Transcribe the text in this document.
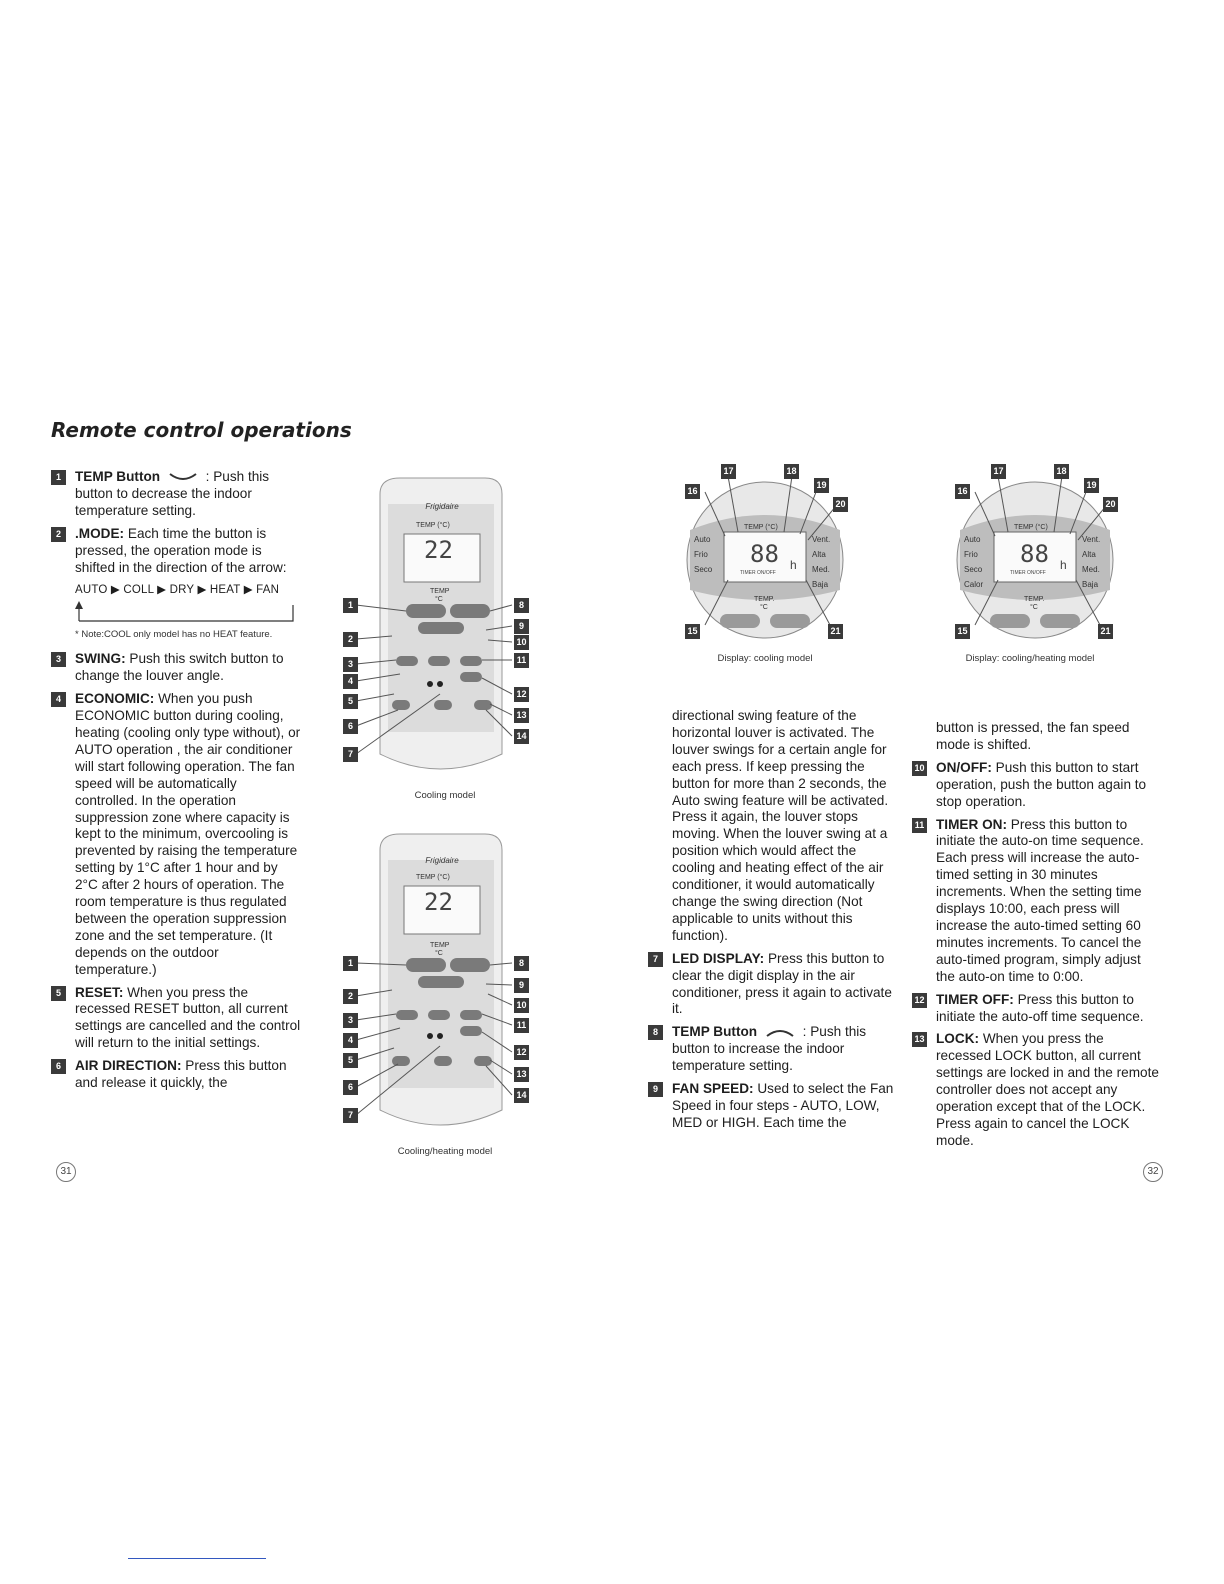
Remote control operations
1	TEMP Button	: Push this button to decrease the indoor temperature setting.
2	.MODE: Each time the button is pressed, the operation mode is shifted in the direction of the arrow:
AUTO ▶ COLL ▶ DRY ▶ HEAT ▶ FAN
* Note:COOL only model has no HEAT feature.
3	SWING: Push this switch button to change the louver angle.
4	ECONOMIC: When you push ECONOMIC button during cooling, heating (cooling only type without), or AUTO operation , the air conditioner will start following operation. The fan speed will be automatically controlled. In the operation suppression zone where capacity is kept to the minimum, overcooling is prevented by raising the temperature setting by 1°C after 1 hour and by 2°C after 2 hours of operation. The room temperature is thus regulated between the operation suppression zone and the set temperature. (It depends on the outdoor temperature.)
5	RESET: When you press the recessed RESET button, all current settings are cancelled and the control will return to the initial settings.
6	AIR DIRECTION: Press this button and release it quickly, the
31
Frigidaire
TEMP (°C)
22
TEMP
°C
1
2
3
4
5
6
7
8
9
10
11
12
13
14
Cooling model
Frigidaire
TEMP (°C)
22
TEMP
°C
1
2
3
4
5
6
7
8
9
10
11
12
13
14
Cooling/heating model
TEMP (°C)
88 h
TIMER ON/OFF
Auto
Frio
Seco
Vent.
Alta
Med.
Baja
TEMP.
°C
16
17	18
19
20
15	21
Display: cooling model
TEMP (°C)
88 h
TIMER ON/OFF
Auto
Frio
Seco
Calor
Vent.
Alta
Med.
Baja
TEMP.
°C
16
17	18
19
20
15	21
Display: cooling/heating model
directional swing feature of the horizontal louver is activated. The louver swings for a certain angle for each press. If keep pressing the button for more than 2 seconds, the Auto swing feature will be activated. Press it again, the louver stops moving. When the louver swing at a position which would affect the cooling and heating effect of the air conditioner, it would automatically change the swing direction (Not applicable to units without this function).
7	LED DISPLAY: Press this button to clear the digit display in the air conditioner, press it again to activate it.
8	TEMP Button	: Push this button to increase the indoor temperature setting.
9	FAN SPEED: Used to select the Fan Speed in four steps - AUTO, LOW, MED or HIGH. Each time the
button is pressed, the fan speed mode is shifted.
10 ON/OFF: Push this button to start operation, push the button again to stop operation.
11 TIMER ON: Press this button to initiate the auto-on time sequence. Each press will increase the auto-timed setting in 30 minutes increments. When the setting time displays 10:00, each press will increase the auto-timed setting 60 minutes increments. To cancel the auto-timed program, simply adjust the auto-on time to 0:00.
12 TIMER OFF: Press this button to initiate the auto-off time sequence.
13 LOCK: When you press the recessed LOCK button, all current settings are locked in and the remote controller does not accept any operation except that of the LOCK. Press again to cancel the LOCK mode.
32
